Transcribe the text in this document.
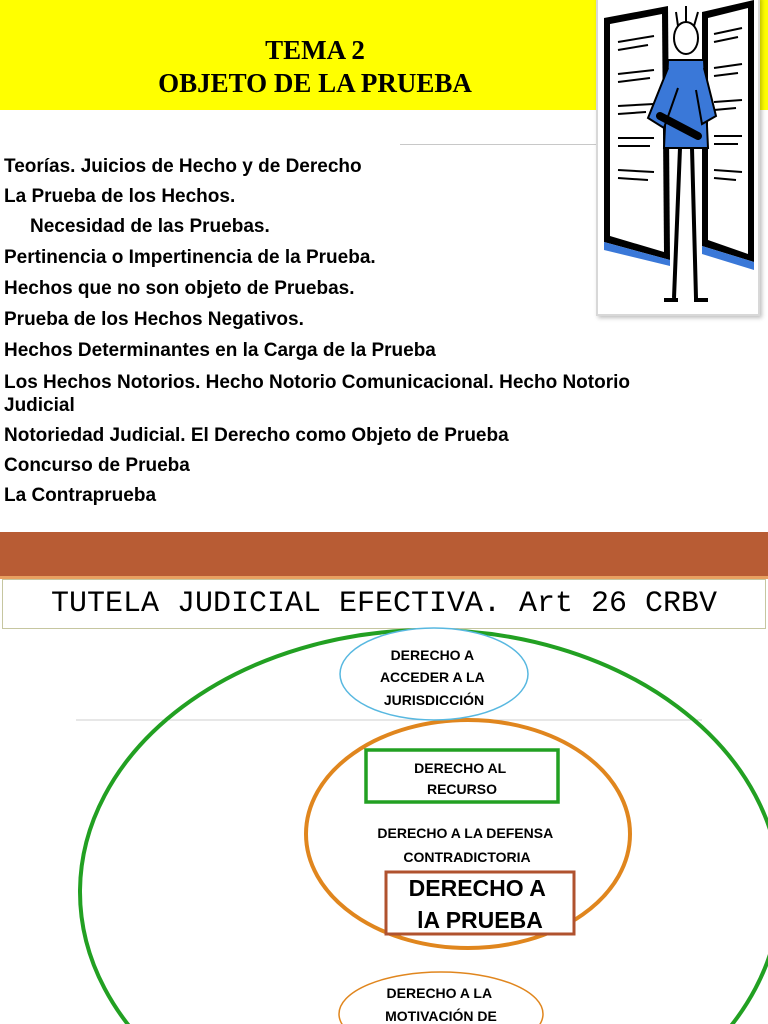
TEMA 2
OBJETO DE LA PRUEBA
Teorías. Juicios de Hecho y de Derecho
La Prueba de los Hechos.
Necesidad de las Pruebas.
Pertinencia o Impertinencia de la Prueba.
Hechos que no son objeto de Pruebas.
Prueba de los Hechos Negativos.
Hechos Determinantes en la Carga de la Prueba
Los Hechos Notorios. Hecho Notorio Comunicacional. Hecho Notorio Judicial
Notoriedad Judicial. El Derecho como Objeto de Prueba
Concurso de Prueba
La Contraprueba
TUTELA JUDICIAL EFECTIVA. Art 26 CRBV
DERECHO A ACCEDER A LA JURISDICCIÓN
DERECHO AL RECURSO
DERECHO A LA DEFENSA CONTRADICTORIA
DERECHO A lA PRUEBA
DERECHO A LA MOTIVACIÓN DE
